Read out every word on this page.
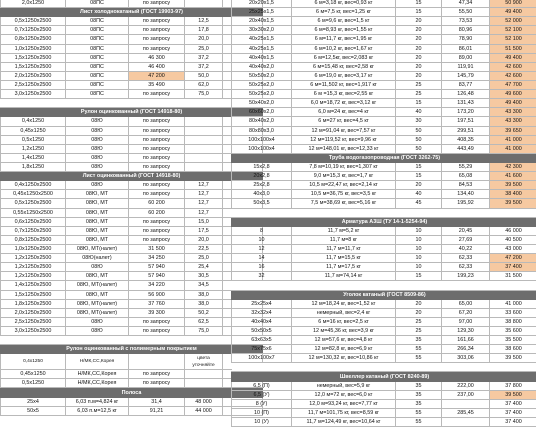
2,0х1250	08ПС	по запросу		
Лист холоднокатаный (ГОСТ 19903-97)				
0,5х1250х2500	08ПС	по запросу	12,5	
0,7х1250х2500	08ПС	по запросу	17,8	
0,8х1250х2500	08ПС	по запросу	20,0	
1,0х1250х2500	08ПС	по запросу	25,0	
1,5х1250х2500	08ПС	46 300	37,2	
1,5х1250х2500	08ПС	46 400	37,2	
2,0х1250х2500	08ПС	47 200	50,0	
2,5х1250х2500	08ПС	35 490	62,0	
3,0х1250х2500	08ПС	по запросу	75,0	

Рулон оцинкованный (ГОСТ 14918-80)				
0,4х1250	08Ю	по запросу		
0,45х1250	08Ю	по запросу		
0,5х1250	08Ю	по запросу		
1,2х1250	08Ю	по запросу		
1,4х1250	08Ю	по запросу		
1,8х1250	08Ю	по запросу		
Лист оцинкованный (ГОСТ 14918-80)				
0,4х1250х2500	08Ю	по запросу	12,7	
0,45х1250х2500	08Ю, МТ	по запросу	12,7	
0,5х1250х2500	08Ю, МТ	60 200	12,7	
0,55х1250х2500	08Ю, МТ	60 200	12,7	
0,6х1250х2500	08Ю, МТ	по запросу	15,0	
0,7х1250х2500	08Ю, МТ	по запросу	17,5	
0,8х1250х2500	08Ю, МТ	по запросу	20,0	
1,0х1250х2500	08Ю, МТ(налет)	31 500	22,5	
1,2х1250х2500	08Ю(налет)	34 250	25,0	
1,2х1250х2500	08Ю	57 940	25,4	
1,2х1250х2500	08Ю, МТ	57 940	30,5	
1,4х1250х2500	08Ю, МТ(налет)	34 220	34,5	
1,5х1250х2500	08Ю, МТ	56 900	38,0	
1,8х1250х2500	08Ю, МТ(налет)	37 760	38,0	
2,0х1250х2500	08Ю, МТ(налет)	39 300	50,2	
2,5х1250х2500	08Ю	по запросу	62,5	
3,0х1250х2500	08Ю	по запросу	75,0	

Рулон оцинкованный с полимерным покрытием				
0,4х1250	Н/МК,СС,Корея		цвета уточняйте	
0,45х1250	Н/МК,СС,Корея	по запросу		
0,5х1250	Н/МК,СС,Корея	по запросу		
Полоса				
25х4	6,03 п.м=4,824 кг	31,4	48 000	
50х5	6,03 п.м=12,5 кг	91,21	44 000	
20х20х1,5	6 м=3,18 кг, вес=0,93 кг	15	47,34	50 900
25х25х1,5	6 м=7,5 кг, вес=1,25 кг	15	55,50	49 400
20х40х1,5	6 м=9,6 кг, вес=1,5 кг	20	73,53	52 000
30х30х2,0	6 м=8,93 кг, вес=1,55 кг	20	80,96	52 100
40х25х1,5	6 м=11,7 кг, вес=1,95 кг	20	78,90	52 100
40х25х1,5	6 м=10,2 кг, вес=1,67 кг	20	86,01	51 500
40х40х1,5	6 м=12,5кг, вес=2,083 кг	20	89,00	49 400
40х40х2,0	6 м=15,48 кг, вес=2,58 кг	20	119,91	42 600
50х50х2,0	6 м=19,0 кг, вес=3,17 кг	20	145,79	42 600
50х25х2,0	6 м=11,502 кг, вес=1,917 кг	25	83,77	47 700
50х25х2,0	6 м =15,3 кг, вес=2,55 кг	25	126,48	49 600
50х40х2,0	6,0 м=18,72 кг, вес=3,12 кг	15	131,43	49 400
60х60х2,0	6,0 м=24 кг, вес=4 кг	40	173,20	43 300
80х40х2,0	6 м=27 кг, вес=4,5 кг	30	197,51	43 300
80х80х3,0	12 м=91,04 кг, вес=7,57 кг	50	299,51	39 650
100х100х4	12 м=119,52 кг, вес=9,96 кг	50	408,35	41 000
100х100х4	12 м=148,01 кг, вес=12,33 кг	50	443,49	41 000
Труба водогазопроводная (ГОСТ 3262-75)				
15х2,8	7,8 м=10,19 кг, вес=1,307 кг	15	55,29	42 300
20х2,8	9,0 м=15,3 кг, вес=1,7 кг	15	65,08	41 600
25х2,8	10,5 м=22,47 кг, вес=2,14 кг	20	84,53	39 500
40х3,0	10,5 м=36,75 кг, вес=3,5 кг	40	134,40	38 400
50х3,5	7,5 м=38,69 кг, вес=5,16 кг	45	195,92	39 500

Арматура А3Ш (ТУ 14-1-5254-94)				
8	11,7 м=5,2 кг	10	20,45	46 000
10	11,7 м=8 кг	10	27,69	40 500
12	11,7 м=11,7 кг	10	40,22	43 000
14	11,7 м=15,5 кг	10	62,33	47 200
16	11,7 м=17,5 кг	10	62,33	37 400
32	11,7 м=74,14 кг	15	199,23	31 500

Уголок катаный (ГОСТ 8509-86)				
25х25х4	12 м=18,24 кг, вес=1,52 кг	20	65,00	41 000
32х32х4	немерный, вес=2,4 кг	20	67,20	33 600
40х40х4	6 м=16 кг, вес=2,5 кг	25	97,00	38 800
50х50х5	12 м=45,36 кг, вес=3,9 кг	25	129,30	35 600
63х63х5	12 м=57,6 кг, вес=4,8 кг	35	161,66	35 500
75х75х6	12 м=82,8 кг, вес=6,9 кг	55	266,34	38 600
100х100х7	12 м=130,32 кг, вес=10,86 кг	55	303,06	39 500

Швеллер катаный (ГОСТ 8240-89)				
6,5 (П)	немерный, вес=5,9 кг	35	222,00	37 800
6,5 (У)	12,0 м=72 кг, вес=6,0 кг	35	237,00	39 500
8 (У)	12,0 м=93,24 кг, вес=7,77 кг	35		37 400
10 (П)	11,7 м=101,75 кг, вес=8,59 кг	55	285,45	37 400
10 (У)	11,7 м=124,49 кг, вес=10,64 кг	55		37 400
